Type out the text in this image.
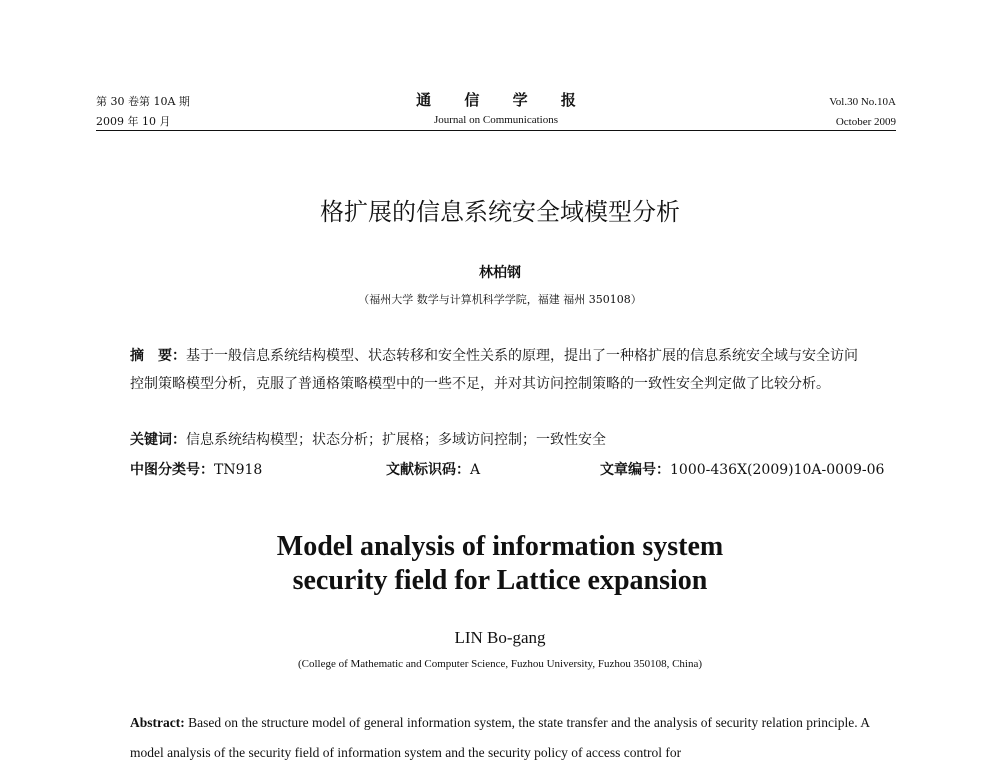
第 30 卷第 10A 期
2009 年 10 月
通 信 学 报
Journal on Communications
Vol.30 No.10A
October 2009
格扩展的信息系统安全域模型分析
林柏钢
（福州大学 数学与计算机科学学院，福建 福州 350108）
摘　要：基于一般信息系统结构模型、状态转移和安全性关系的原理，提出了一种格扩展的信息系统安全域与安全访问控制策略模型分析，克服了普通格策略模型中的一些不足，并对其访问控制策略的一致性安全判定做了比较分析。
关键词：信息系统结构模型；状态分析；扩展格；多域访问控制；一致性安全
中图分类号：TN918	文献标识码：A	文章编号：1000-436X(2009)10A-0009-06
Model analysis of information system
security field for Lattice expansion
LIN Bo-gang
(College of Mathematic and Computer Science, Fuzhou University, Fuzhou 350108, China)
Abstract: Based on the structure model of general information system, the state transfer and the analysis of security relation principle. A model analysis of the security field of information system and the security policy of access control for
